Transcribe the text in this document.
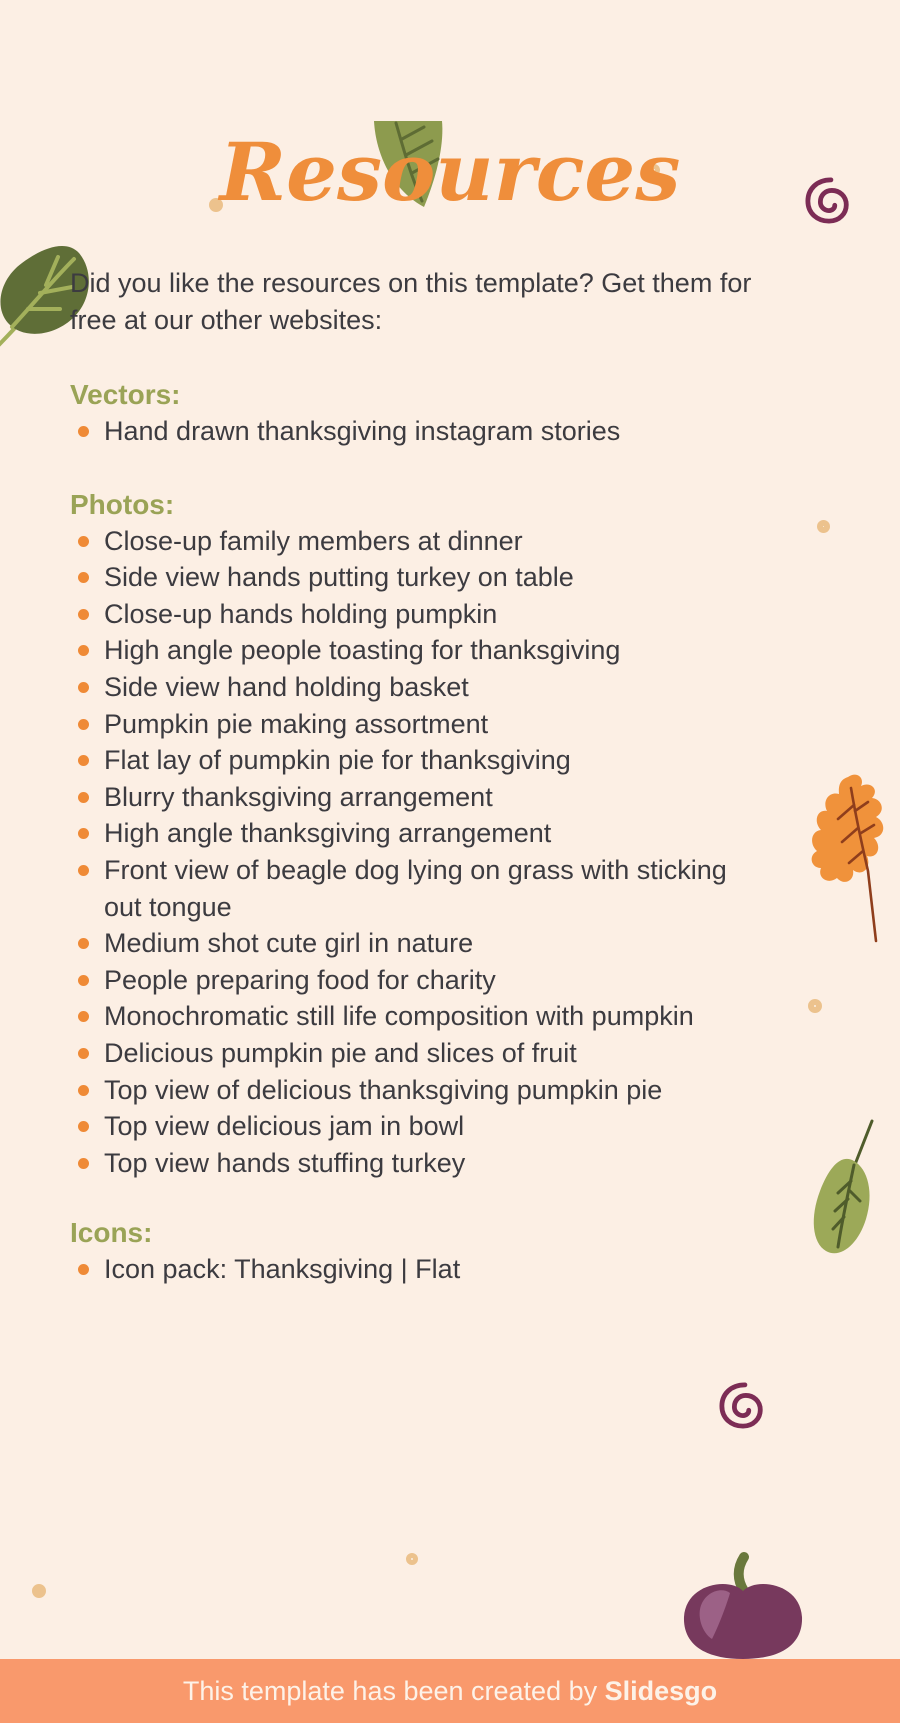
Resources

Did you like the resources on this template? Get them for free at our other websites:

Vectors:
Hand drawn thanksgiving instagram stories
Photos:
Close-up family members at dinner
Side view hands putting turkey on table
Close-up hands holding pumpkin
High angle people toasting for thanksgiving
Side view hand holding basket
Pumpkin pie making assortment
Flat lay of pumpkin pie for thanksgiving
Blurry thanksgiving arrangement
High angle thanksgiving arrangement
Front view of beagle dog lying on grass with sticking out tongue
Medium shot cute girl in nature
People preparing food for charity
Monochromatic still life composition with pumpkin
Delicious pumpkin pie and slices of fruit
Top view of delicious thanksgiving pumpkin pie
Top view delicious jam in bowl
Top view hands stuffing turkey
Icons:
Icon pack: Thanksgiving | Flat
This template has been created by Slidesgo
